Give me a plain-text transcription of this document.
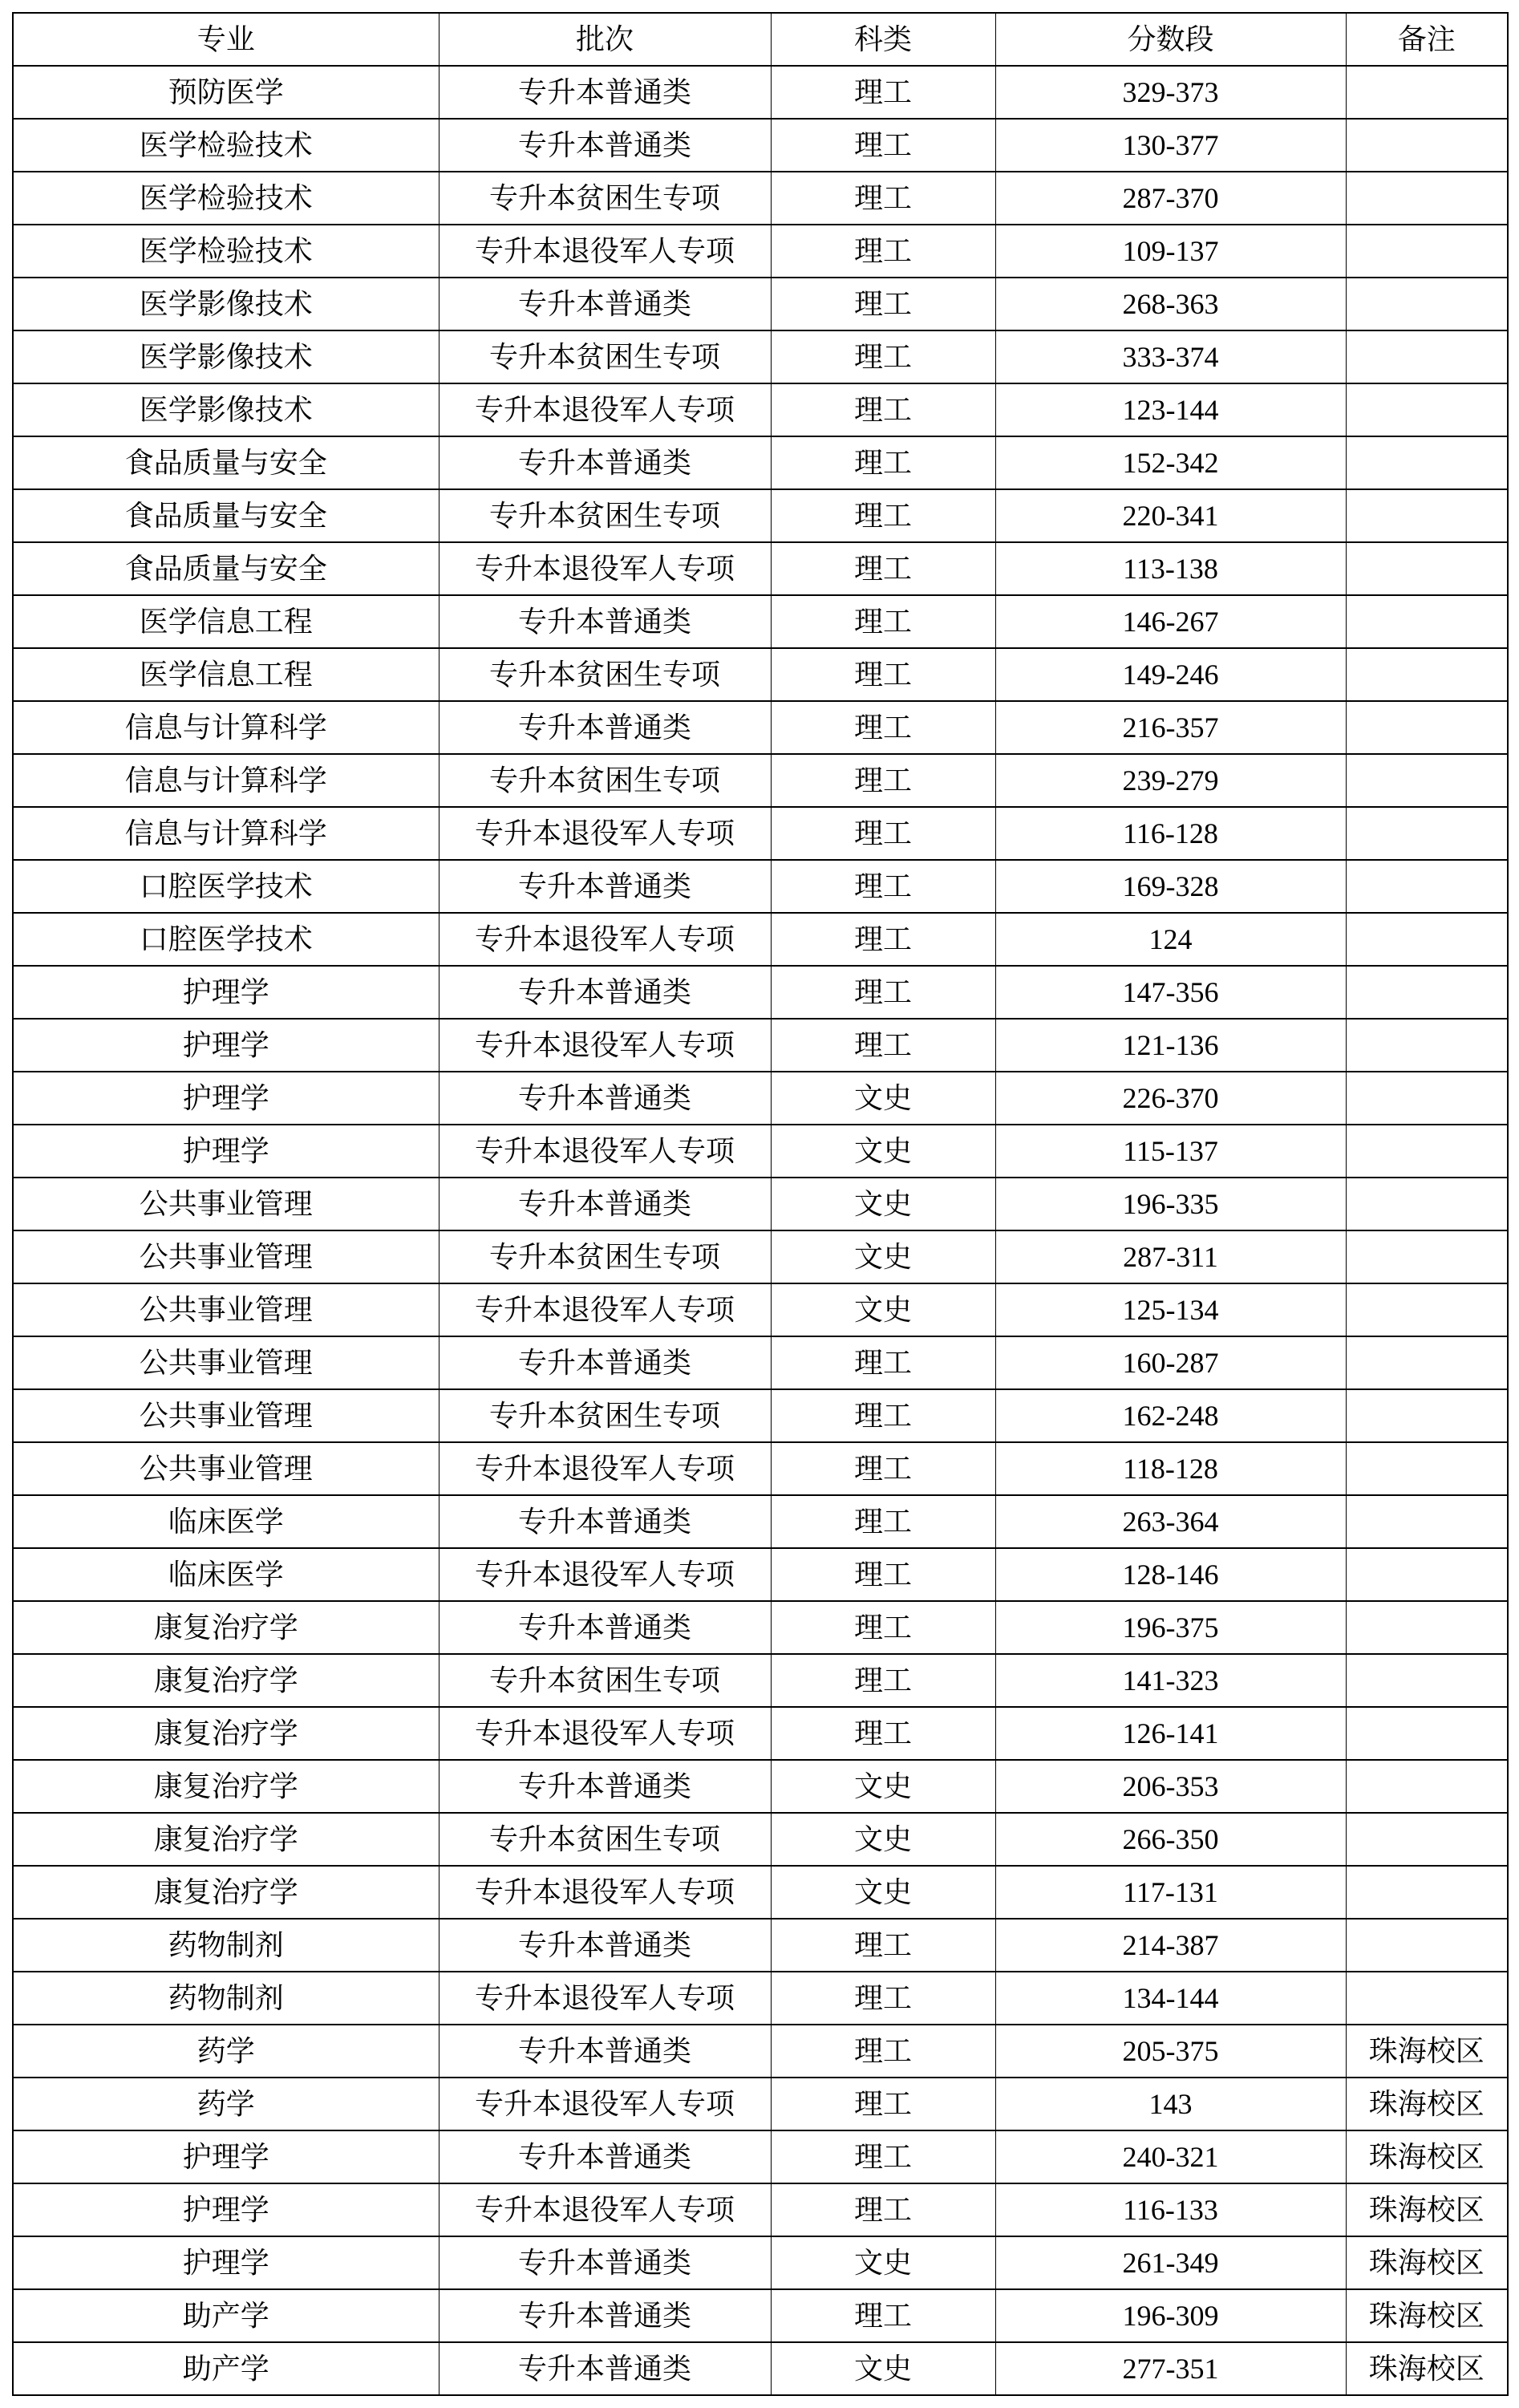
专业	批次	科类	分数段	备注
预防医学	专升本普通类	理工	329-373	
医学检验技术	专升本普通类	理工	130-377	
医学检验技术	专升本贫困生专项	理工	287-370	
医学检验技术	专升本退役军人专项	理工	109-137	
医学影像技术	专升本普通类	理工	268-363	
医学影像技术	专升本贫困生专项	理工	333-374	
医学影像技术	专升本退役军人专项	理工	123-144	
食品质量与安全	专升本普通类	理工	152-342	
食品质量与安全	专升本贫困生专项	理工	220-341	
食品质量与安全	专升本退役军人专项	理工	113-138	
医学信息工程	专升本普通类	理工	146-267	
医学信息工程	专升本贫困生专项	理工	149-246	
信息与计算科学	专升本普通类	理工	216-357	
信息与计算科学	专升本贫困生专项	理工	239-279	
信息与计算科学	专升本退役军人专项	理工	116-128	
口腔医学技术	专升本普通类	理工	169-328	
口腔医学技术	专升本退役军人专项	理工	124	
护理学	专升本普通类	理工	147-356	
护理学	专升本退役军人专项	理工	121-136	
护理学	专升本普通类	文史	226-370	
护理学	专升本退役军人专项	文史	115-137	
公共事业管理	专升本普通类	文史	196-335	
公共事业管理	专升本贫困生专项	文史	287-311	
公共事业管理	专升本退役军人专项	文史	125-134	
公共事业管理	专升本普通类	理工	160-287	
公共事业管理	专升本贫困生专项	理工	162-248	
公共事业管理	专升本退役军人专项	理工	118-128	
临床医学	专升本普通类	理工	263-364	
临床医学	专升本退役军人专项	理工	128-146	
康复治疗学	专升本普通类	理工	196-375	
康复治疗学	专升本贫困生专项	理工	141-323	
康复治疗学	专升本退役军人专项	理工	126-141	
康复治疗学	专升本普通类	文史	206-353	
康复治疗学	专升本贫困生专项	文史	266-350	
康复治疗学	专升本退役军人专项	文史	117-131	
药物制剂	专升本普通类	理工	214-387	
药物制剂	专升本退役军人专项	理工	134-144	
药学	专升本普通类	理工	205-375	珠海校区
药学	专升本退役军人专项	理工	143	珠海校区
护理学	专升本普通类	理工	240-321	珠海校区
护理学	专升本退役军人专项	理工	116-133	珠海校区
护理学	专升本普通类	文史	261-349	珠海校区
助产学	专升本普通类	理工	196-309	珠海校区
助产学	专升本普通类	文史	277-351	珠海校区
